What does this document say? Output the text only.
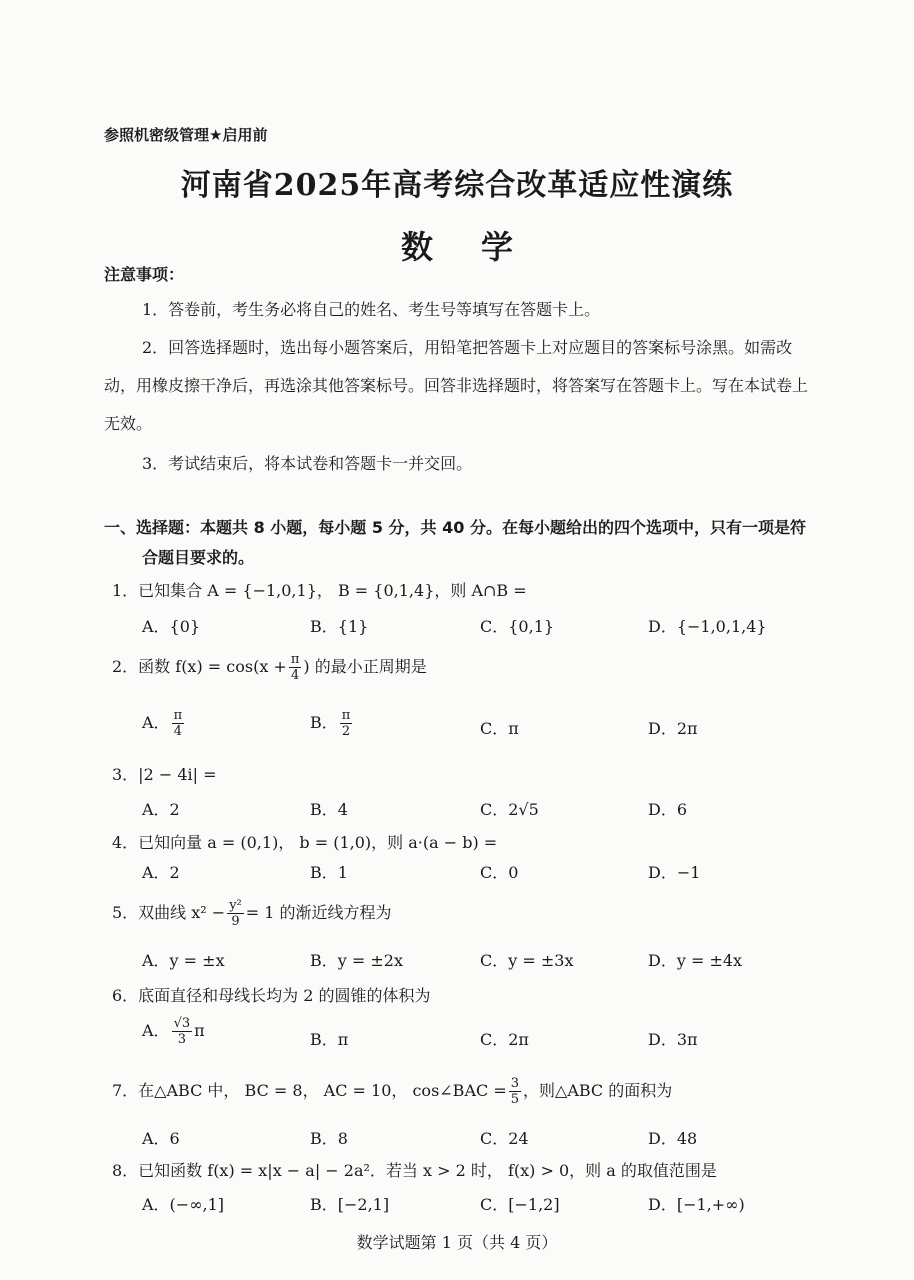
参照机密级管理★启用前
河南省2025年高考综合改革适应性演练
数学
注意事项：
1．答卷前，考生务必将自己的姓名、考生号等填写在答题卡上。
2．回答选择题时，选出每小题答案后，用铅笔把答题卡上对应题目的答案标号涂黑。如需改动，用橡皮擦干净后，再选涂其他答案标号。回答非选择题时，将答案写在答题卡上。写在本试卷上无效。
3．考试结束后，将本试卷和答题卡一并交回。
一、选择题：本题共 8 小题，每小题 5 分，共 40 分。在每小题给出的四个选项中，只有一项是符合题目要求的。
1．已知集合 A = {−1,0,1}， B = {0,1,4}，则 A∩B =
A．{0}	B．{1}	C．{0,1}	D．{−1,0,1,4}
2．函数 $f(x) = \cos(x + \frac{\pi}{4}$ ) 的最小正周期是
A． $\frac{\pi}{4}$	B． $\frac{\pi}{2}$	C．π	D．2π
3．|2 − 4i| =
A．2	B．4	C．2√5	D．6
4．已知向量 a = (0,1)， b = (1,0)，则 a·(a − b) =
A．2	B．1	C．0	D．−1
5．双曲线 $x^2 - \frac{\text{y²}}{9} = 1$ 的渐近线方程为
A．y = ±x	B．y = ±2x	C．y = ±3x	D．y = ±4x
6．底面直径和母线长均为 2 的圆锥的体积为
A． $\frac{√3}{3}$ π	B．π	C．2π	D．3π
7．在△ABC 中， BC = 8， AC = 10， cos∠BAC = $\frac{3}{5}$ ，则△ABC 的面积为
A．6	B．8	C．24	D．48
8．已知函数 f(x) = x|x − a| − 2a²．若当 x > 2 时， f(x) > 0，则 a 的取值范围是
A．(−∞,1]	B．[−2,1]	C．[−1,2]	D．[−1,+∞)
数学试题第 1 页（共 4 页）
